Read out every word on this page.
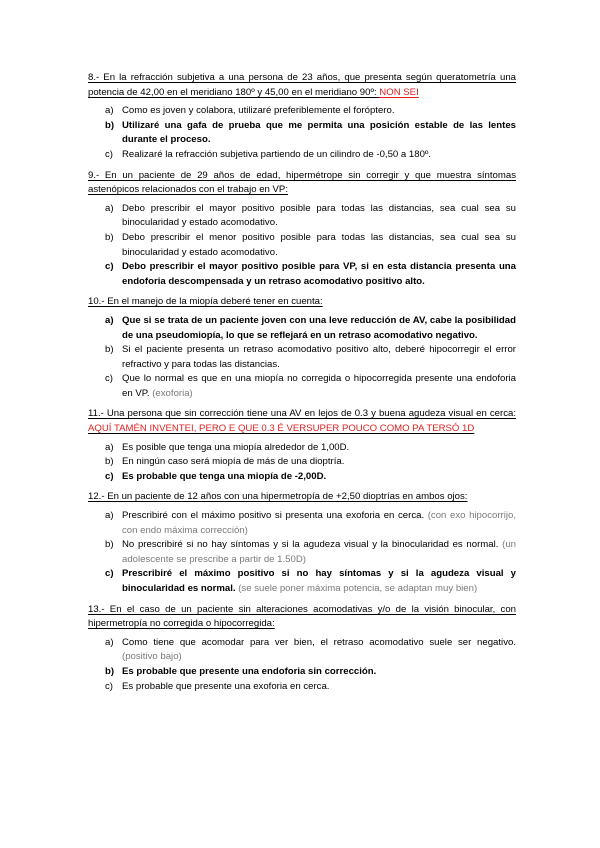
8.- En la refracción subjetiva a una persona de 23 años, que presenta según queratometría una potencia de 42,00 en el meridiano 180º y 45,00 en el meridiano 90º: NON SEI
a) Como es joven y colabora, utilizaré preferiblemente el foróptero.
b) Utilizaré una gafa de prueba que me permita una posición estable de las lentes durante el proceso.
c) Realizaré la refracción subjetiva partiendo de un cilindro de -0,50 a 180º.
9.- En un paciente de 29 años de edad, hipermétrope sin corregir y que muestra síntomas astenópicos relacionados con el trabajo en VP:
a) Debo prescribir el mayor positivo posible para todas las distancias, sea cual sea su binocularidad y estado acomodativo.
b) Debo prescribir el menor positivo posible para todas las distancias, sea cual sea su binocularidad y estado acomodativo.
c) Debo prescribir el mayor positivo posible para VP, si en esta distancia presenta una endoforia descompensada y un retraso acomodativo positivo alto.
10.- En el manejo de la miopía deberé tener en cuenta:
a) Que si se trata de un paciente joven con una leve reducción de AV, cabe la posibilidad de una pseudomiopía, lo que se reflejará en un retraso acomodativo negativo.
b) Si el paciente presenta un retraso acomodativo positivo alto, deberé hipocorregir el error refractivo y para todas las distancias.
c) Que lo normal es que en una miopía no corregida o hipocorregida presente una endoforia en VP. (exoforia)
11.- Una persona que sin corrección tiene una AV en lejos de 0.3 y buena agudeza visual en cerca: AQUÍ TAMÉN INVENTEI, PERO E QUE 0.3 É VERSUPER POUCO COMO PA TERSÓ 1D
a) Es posible que tenga una miopía alrededor de 1,00D.
b) En ningún caso será miopía de más de una dioptría.
c) Es probable que tenga una miopía de -2,00D.
12.- En un paciente de 12 años con una hipermetropía de +2,50 dioptrías en ambos ojos:
a) Prescribiré con el máximo positivo si presenta una exoforia en cerca. (con exo hipocorrijo, con endo máxima corrección)
b) No prescribiré si no hay síntomas y si la agudeza visual y la binocularidad es normal. (un adolescente se prescribe a partir de 1.50D)
c) Prescribiré el máximo positivo si no hay síntomas y si la agudeza visual y binocularidad es normal. (se suele poner máxima potencia, se adaptan muy bien)
13.- En el caso de un paciente sin alteraciones acomodativas y/o de la visión binocular, con hipermetropía no corregida o hipocorregida:
a) Como tiene que acomodar para ver bien, el retraso acomodativo suele ser negativo. (positivo bajo)
b) Es probable que presente una endoforia sin corrección.
c) Es probable que presente una exoforia en cerca.
